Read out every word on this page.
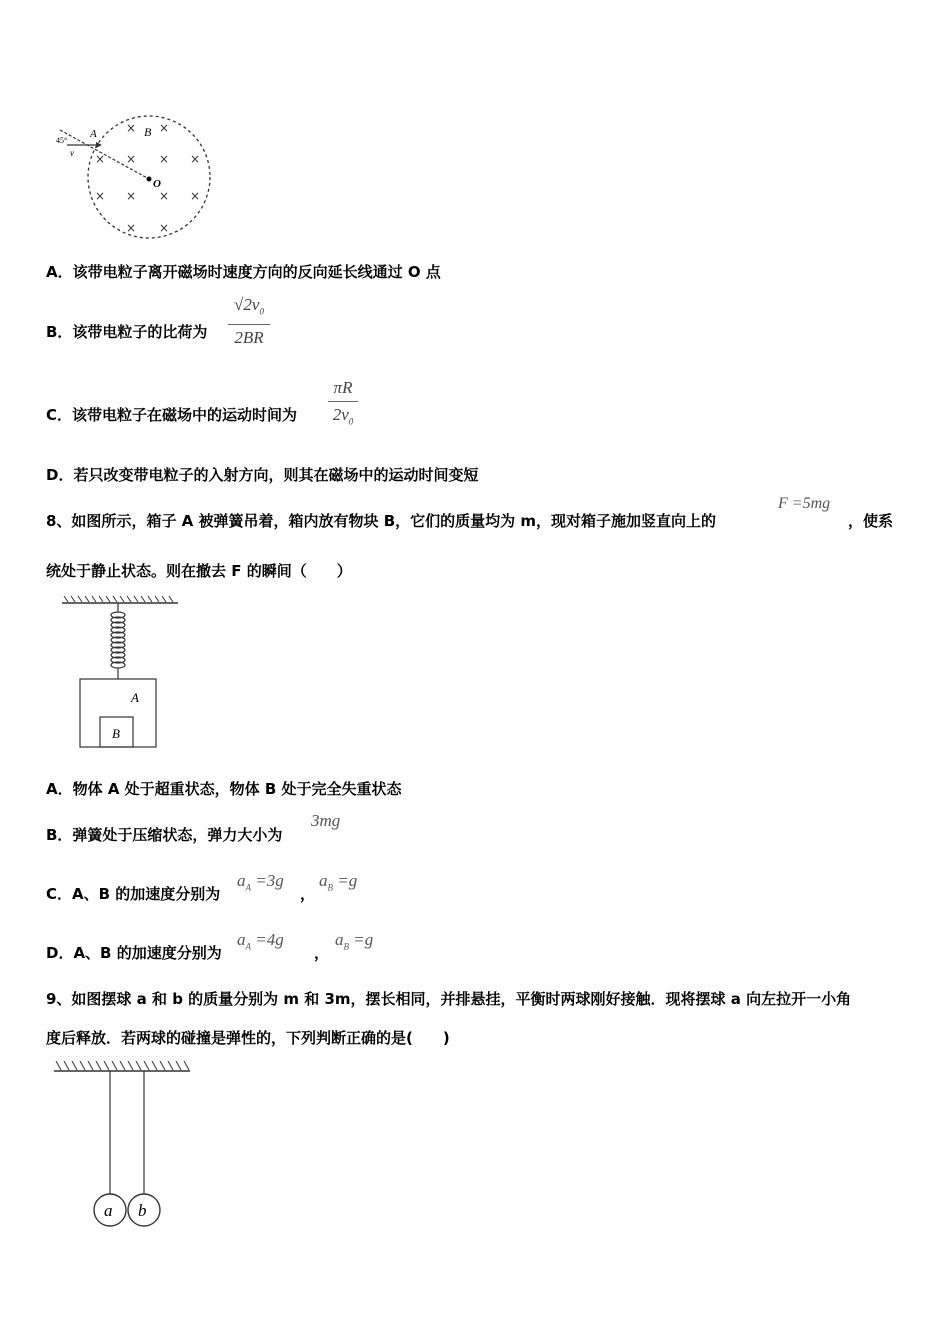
A	B
O
45°
v
× ×
× × × ×
× × × ×
× ×
A．该带电粒子离开磁场时速度方向的反向延长线通过 O 点
B．该带电粒子的比荷为
$√2v_0$
2BR
C．该带电粒子在磁场中的运动时间为
πR
$2v_0$
D．若只改变带电粒子的入射方向，则其在磁场中的运动时间变短
8、如图所示，箱子 A 被弹簧吊着，箱内放有物块 B，它们的质量均为 m，现对箱子施加竖直向上的
F =5mg
，使系
统处于静止状态。则在撤去 F 的瞬间（　　）
A
B
A．物体 A 处于超重状态，物体 B 处于完全失重状态
B．弹簧处于压缩状态，弹力大小为
3mg
C．A、B 的加速度分别为
$a_A =3g$
，
$a_B =g$
D．A、B 的加速度分别为
$a_A =4g$
，
$a_B =g$
9、如图摆球 a 和 b 的质量分别为 m 和 3m，摆长相同，并排悬挂，平衡时两球刚好接触．现将摆球 a 向左拉开一小角
度后释放．若两球的碰撞是弹性的，下列判断正确的是(　　)
a b
